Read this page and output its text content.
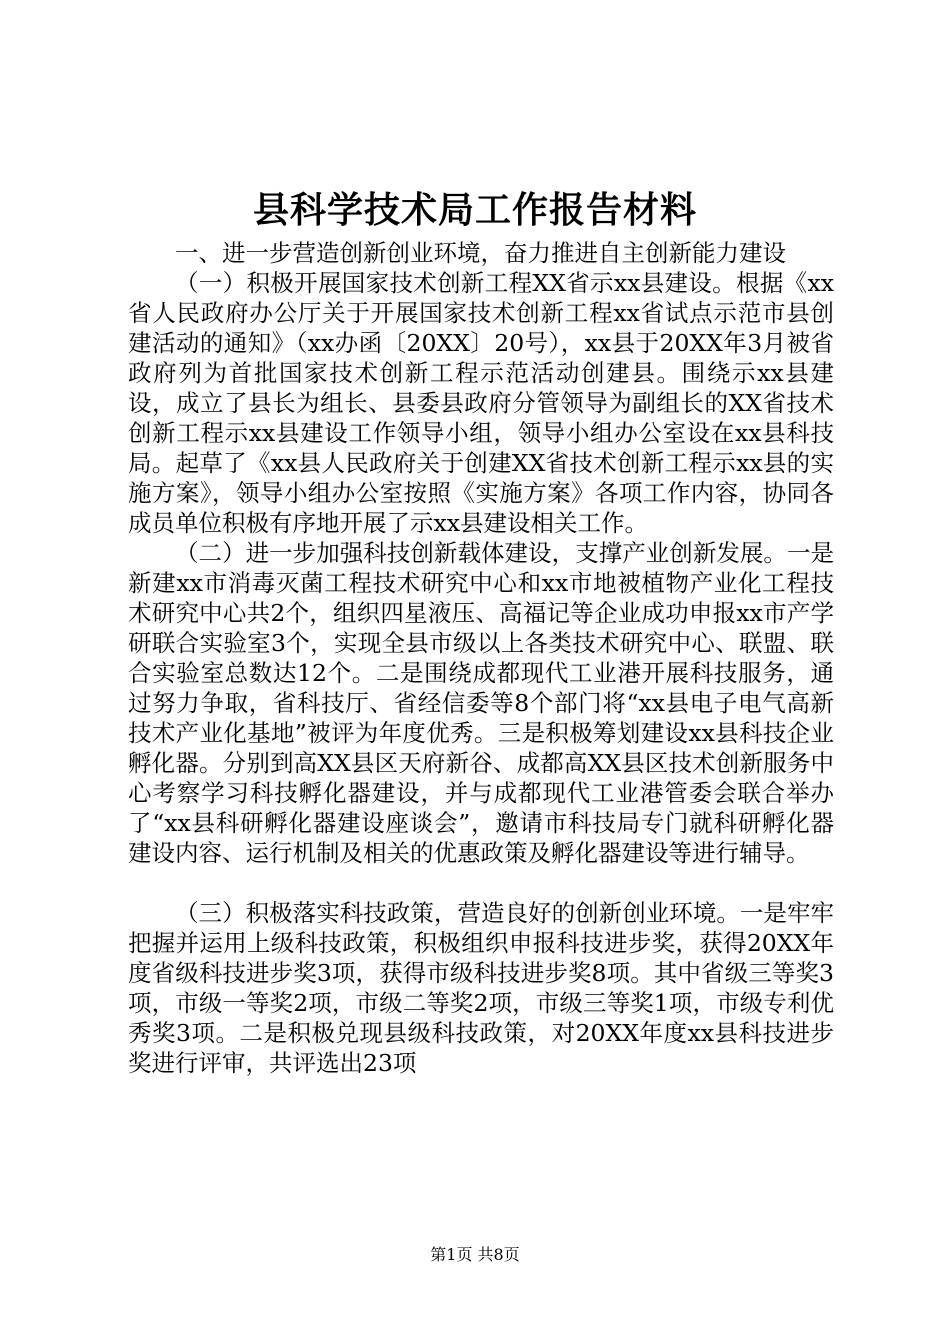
县科学技术局工作报告材料

一、进一步营造创新创业环境，奋力推进自主创新能力建设

（一）积极开展国家技术创新工程XX省示xx县建设。根据《xx省人民政府办公厅关于开展国家技术创新工程xx省试点示范市县创建活动的通知》（xx办函〔20XX〕20号），xx县于20XX年3月被省政府列为首批国家技术创新工程示范活动创建县。围绕示xx县建设，成立了县长为组长、县委县政府分管领导为副组长的XX省技术创新工程示xx县建设工作领导小组，领导小组办公室设在xx县科技局。起草了《xx县人民政府关于创建XX省技术创新工程示xx县的实施方案》，领导小组办公室按照《实施方案》各项工作内容，协同各成员单位积极有序地开展了示xx县建设相关工作。

（二）进一步加强科技创新载体建设，支撑产业创新发展。一是新建xx市消毒灭菌工程技术研究中心和xx市地被植物产业化工程技术研究中心共2个，组织四星液压、高福记等企业成功申报xx市产学研联合实验室3个，实现全县市级以上各类技术研究中心、联盟、联合实验室总数达12个。二是围绕成都现代工业港开展科技服务，通过努力争取，省科技厅、省经信委等8个部门将“xx县电子电气高新技术产业化基地”被评为年度优秀。三是积极筹划建设xx县科技企业孵化器。分别到高XX县区天府新谷、成都高XX县区技术创新服务中心考察学习科技孵化器建设，并与成都现代工业港管委会联合举办了“xx县科研孵化器建设座谈会”，邀请市科技局专门就科研孵化器建设内容、运行机制及相关的优惠政策及孵化器建设等进行辅导。

（三）积极落实科技政策，营造良好的创新创业环境。一是牢牢把握并运用上级科技政策，积极组织申报科技进步奖，获得20XX年度省级科技进步奖3项，获得市级科技进步奖8项。其中省级三等奖3项，市级一等奖2项，市级二等奖2项，市级三等奖1项，市级专利优秀奖3项。二是积极兑现县级科技政策，对20XX年度xx县科技进步奖进行评审，共评选出23项

第1页 共8页
